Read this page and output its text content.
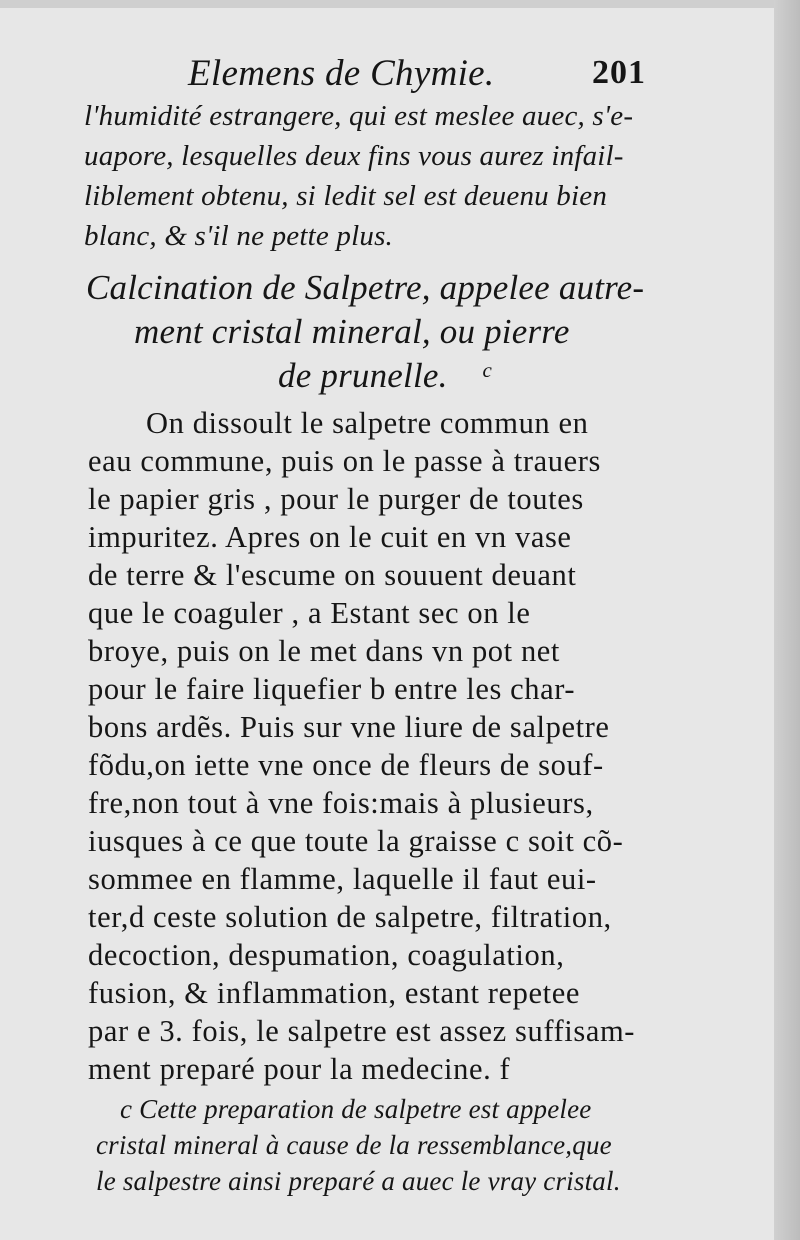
Elemens de Chymie.	201
l'humidité estrangere, qui est meslee auec, s'e-
uapore, lesquelles deux fins vous aurez infail-
liblement obtenu, si ledit sel est deuenu bien
blanc, & s'il ne pette plus.
Calcination de Salpetre, appelee autre-
ment cristal mineral, ou pierre
de prunelle. $^c$
On dissoult le salpetre commun en
eau commune, puis on le passe à trauers
le papier gris , pour le purger de toutes
impuritez. Apres on le cuit en vn vase
de terre & l'escume on souuent deuant
que le coaguler , a Estant sec on le
broye, puis on le met dans vn pot net
pour le faire liquefier b entre les char-
bons ardẽs. Puis sur vne liure de salpetre
fõdu,on iette vne once de fleurs de souf-
fre,non tout à vne fois:mais à plusieurs,
iusques à ce que toute la graisse c soit cõ-
sommee en flamme, laquelle il faut eui-
ter,d ceste solution de salpetre, filtration,
decoction, despumation, coagulation,
fusion, & inflammation, estant repetee
par e 3. fois, le salpetre est assez suffisam-
ment preparé pour la medecine. f
c Cette preparation de salpetre est appelee
cristal mineral à cause de la ressemblance,que
le salpestre ainsi preparé a auec le vray cristal.
